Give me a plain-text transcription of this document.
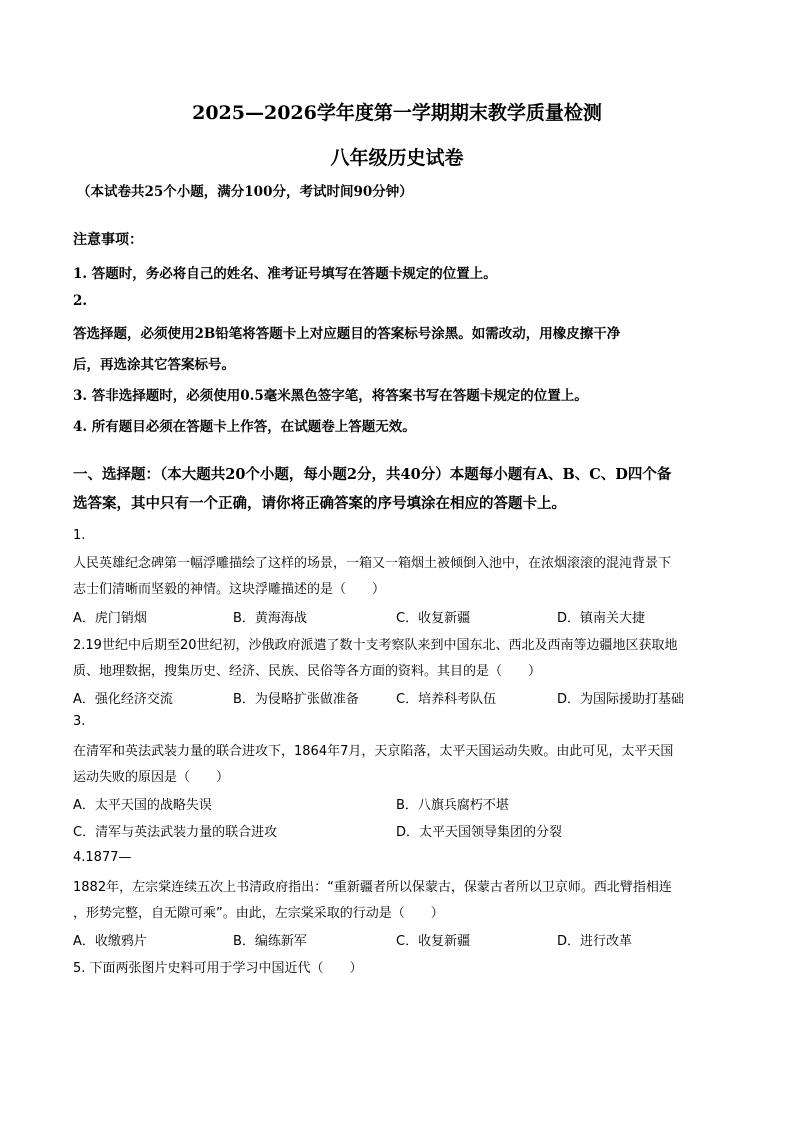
2025—2026学年度第一学期期末教学质量检测

八年级历史试卷

（本试卷共25个小题，满分100分，考试时间90分钟）

注意事项：

1. 答题时，务必将自己的姓名、准考证号填写在答题卡规定的位置上。

2.

答选择题，必须使用2B铅笔将答题卡上对应题目的答案标号涂黑。如需改动，用橡皮擦干净

后，再选涂其它答案标号。

3. 答非选择题时，必须使用0.5毫米黑色签字笔，将答案书写在答题卡规定的位置上。

4. 所有题目必须在答题卡上作答，在试题卷上答题无效。

一、选择题：（本大题共20个小题，每小题2分，共40分）本题每小题有A、B、C、D四个备

选答案，其中只有一个正确，请你将正确答案的序号填涂在相应的答题卡上。

1.

人民英雄纪念碑第一幅浮雕描绘了这样的场景，一箱又一箱烟土被倾倒入池中，在浓烟滚滚的混沌背景下

志士们清晰而坚毅的神情。这块浮雕描述的是（　　）

A．虎门销烟	B．黄海海战	C．收复新疆	D．镇南关大捷

2.19世纪中后期至20世纪初，沙俄政府派遣了数十支考察队来到中国东北、西北及西南等边疆地区获取地

质、地理数据，搜集历史、经济、民族、民俗等各方面的资料。其目的是（　　）

A．强化经济交流	B．为侵略扩张做准备	C．培养科考队伍	D．为国际援助打基础

3.

在清军和英法武装力量的联合进攻下，1864年7月，天京陷落，太平天国运动失败。由此可见，太平天国

运动失败的原因是（　　）

A．太平天国的战略失误	B．八旗兵腐朽不堪

C．清军与英法武装力量的联合进攻	D．太平天国领导集团的分裂

4.1877—

1882年，左宗棠连续五次上书清政府指出：“重新疆者所以保蒙古，保蒙古者所以卫京师。西北臂指相连

，形势完整，自无隙可乘”。由此，左宗棠采取的行动是（　　）

A．收缴鸦片	B．编练新军	C．收复新疆	D．进行改革

5. 下面两张图片史料可用于学习中国近代（　　）
